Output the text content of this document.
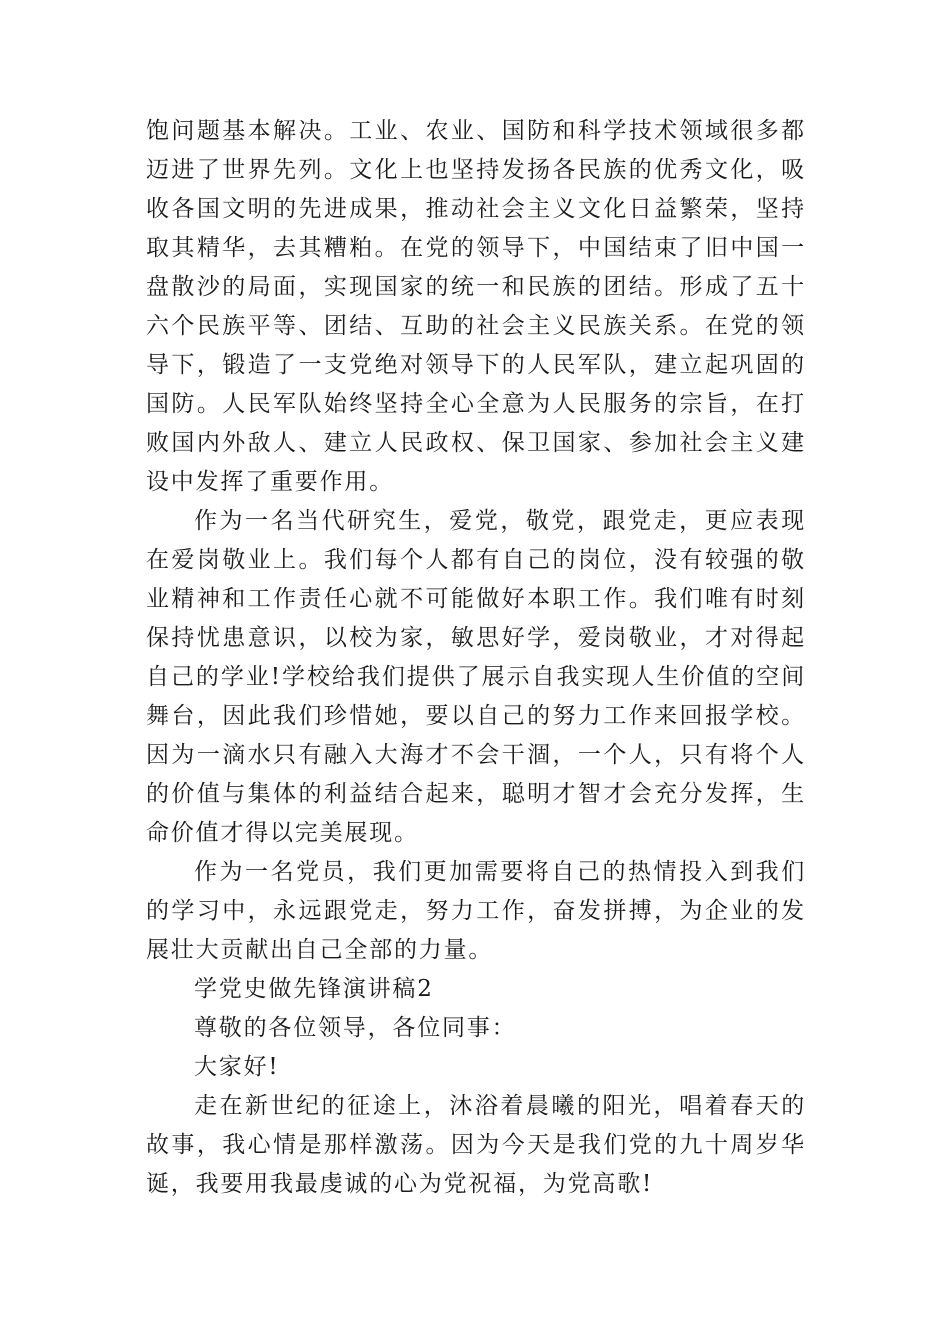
饱问题基本解决。工业、农业、国防和科学技术领域很多都迈进了世界先列。文化上也坚持发扬各民族的优秀文化，吸收各国文明的先进成果，推动社会主义文化日益繁荣，坚持取其精华，去其糟粕。在党的领导下，中国结束了旧中国一盘散沙的局面，实现国家的统一和民族的团结。形成了五十六个民族平等、团结、互助的社会主义民族关系。在党的领导下，锻造了一支党绝对领导下的人民军队，建立起巩固的国防。人民军队始终坚持全心全意为人民服务的宗旨，在打败国内外敌人、建立人民政权、保卫国家、参加社会主义建设中发挥了重要作用。

作为一名当代研究生，爱党，敬党，跟党走，更应表现在爱岗敬业上。我们每个人都有自己的岗位，没有较强的敬业精神和工作责任心就不可能做好本职工作。我们唯有时刻保持忧患意识，以校为家，敏思好学，爱岗敬业，才对得起自己的学业!学校给我们提供了展示自我实现人生价值的空间舞台，因此我们珍惜她，要以自己的努力工作来回报学校。因为一滴水只有融入大海才不会干涸，一个人，只有将个人的价值与集体的利益结合起来，聪明才智才会充分发挥，生命价值才得以完美展现。

作为一名党员，我们更加需要将自己的热情投入到我们的学习中，永远跟党走，努力工作，奋发拼搏，为企业的发展壮大贡献出自己全部的力量。

学党史做先锋演讲稿2

尊敬的各位领导，各位同事：

大家好!

走在新世纪的征途上，沐浴着晨曦的阳光，唱着春天的故事，我心情是那样激荡。因为今天是我们党的九十周岁华诞，我要用我最虔诚的心为党祝福，为党高歌!
